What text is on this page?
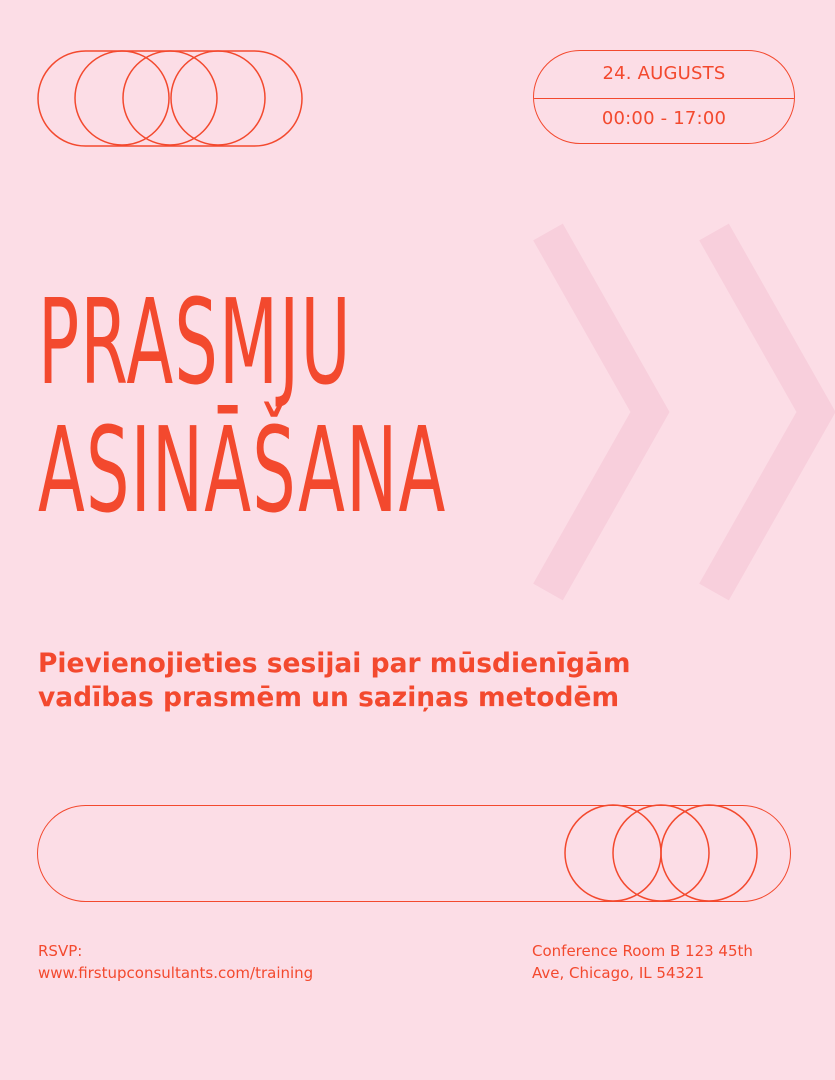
24. AUGUSTS
00:00 - 17:00
PRASMJU
ASINĀŠANA

Pievienojieties sesijai par mūsdienīgām
vadības prasmēm un saziņas metodēm

RSVP:
www.firstupconsultants.com/training
Conference Room B 123 45th
Ave, Chicago, IL 54321
